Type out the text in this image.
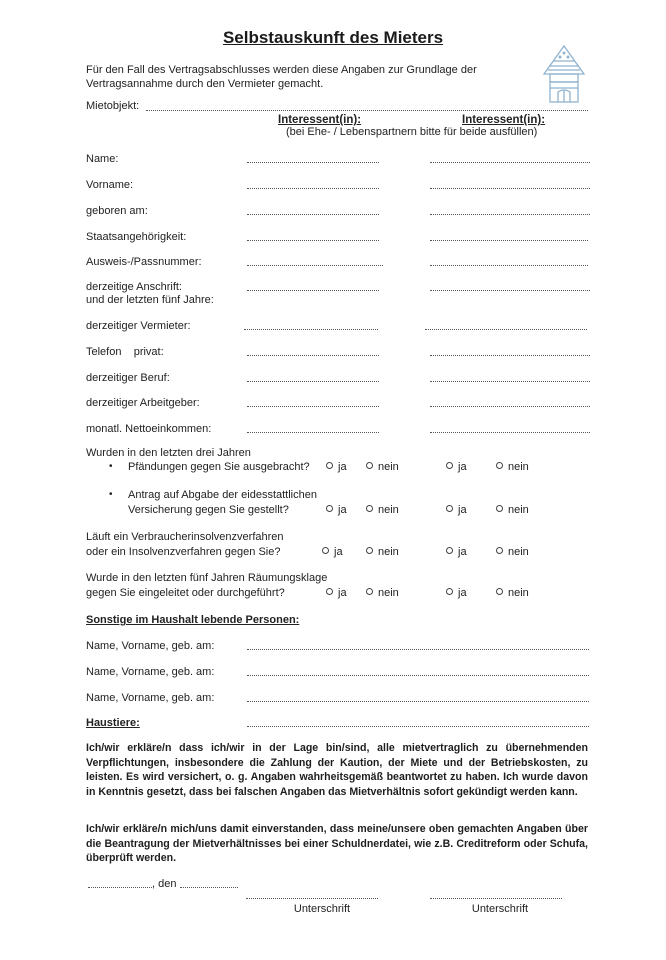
Selbstauskunft des Mieters
Für den Fall des Vertragsabschlusses werden diese Angaben zur Grundlage der Vertragsannahme durch den Vermieter gemacht.
Mietobjekt:
Interessent(in):	Interessent(in):
(bei Ehe- / Lebenspartnern bitte für beide ausfüllen)
Name:
Vorname:
geboren am:
Staatsangehörigkeit:
Ausweis-/Passnummer:
derzeitige Anschrift:
und der letzten fünf Jahre:
derzeitiger Vermieter:
Telefon    privat:
derzeitiger Beruf:
derzeitiger Arbeitgeber:
monatl. Nettoeinkommen:
Wurden in den letzten drei Jahren
• Pfändungen gegen Sie ausgebracht?	ja	nein	ja	nein
• Antrag auf Abgabe der eidesstattlichen
Versicherung gegen Sie gestellt?	ja	nein	ja	nein
Läuft ein Verbraucherinsolvenzverfahren
oder ein Insolvenzverfahren gegen Sie?	ja	nein	ja	nein
Wurde in den letzten fünf Jahren Räumungsklage
gegen Sie eingeleitet oder durchgeführt?	ja	nein	ja	nein
Sonstige im Haushalt lebende Personen:
Name, Vorname, geb. am:
Name, Vorname, geb. am:
Name, Vorname, geb. am:
Haustiere:
Ich/wir erkläre/n dass ich/wir in der Lage bin/sind, alle mietvertraglich zu übernehmenden Verpflichtungen, insbesondere die Zahlung der Kaution, der Miete und der Betriebskosten, zu leisten. Es wird versichert, o. g. Angaben wahrheitsgemäß beantwortet zu haben. Ich wurde davon in Kenntnis gesetzt, dass bei falschen Angaben das Mietverhältnis sofort gekündigt werden kann.
Ich/wir erkläre/n mich/uns damit einverstanden, dass meine/unsere oben gemachten Angaben über die Beantragung der Mietverhältnisses bei einer Schuldnerdatei, wie z.B. Creditreform oder Schufa, überprüft werden.
, den
Unterschrift	Unterschrift
